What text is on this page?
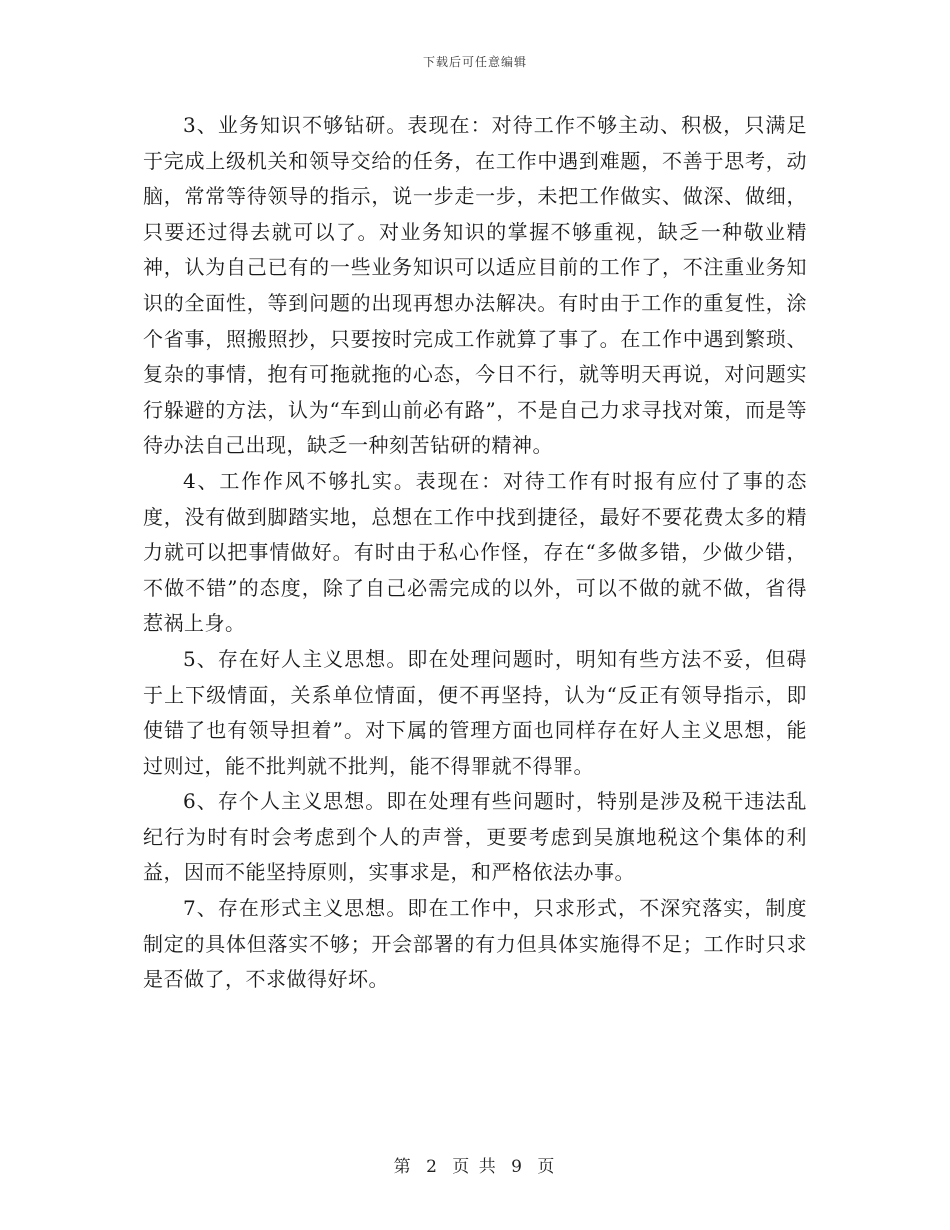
下载后可任意编辑

3、业务知识不够钻研。表现在：对待工作不够主动、积极，只满足于完成上级机关和领导交给的任务，在工作中遇到难题，不善于思考，动脑，常常等待领导的指示，说一步走一步，未把工作做实、做深、做细，只要还过得去就可以了。对业务知识的掌握不够重视，缺乏一种敬业精神，认为自己已有的一些业务知识可以适应目前的工作了，不注重业务知识的全面性，等到问题的出现再想办法解决。有时由于工作的重复性，涂个省事，照搬照抄，只要按时完成工作就算了事了。在工作中遇到繁琐、复杂的事情，抱有可拖就拖的心态，今日不行，就等明天再说，对问题实行躲避的方法，认为“车到山前必有路”，不是自己力求寻找对策，而是等待办法自己出现，缺乏一种刻苦钻研的精神。

4、工作作风不够扎实。表现在：对待工作有时报有应付了事的态度，没有做到脚踏实地，总想在工作中找到捷径，最好不要花费太多的精力就可以把事情做好。有时由于私心作怪，存在“多做多错，少做少错，不做不错”的态度，除了自己必需完成的以外，可以不做的就不做，省得惹祸上身。

5、存在好人主义思想。即在处理问题时，明知有些方法不妥，但碍于上下级情面，关系单位情面，便不再坚持，认为“反正有领导指示，即使错了也有领导担着”。对下属的管理方面也同样存在好人主义思想，能过则过，能不批判就不批判，能不得罪就不得罪。

6、存个人主义思想。即在处理有些问题时，特别是涉及税干违法乱纪行为时有时会考虑到个人的声誉，更要考虑到吴旗地税这个集体的利益，因而不能坚持原则，实事求是，和严格依法办事。

7、存在形式主义思想。即在工作中，只求形式，不深究落实，制度制定的具体但落实不够；开会部署的有力但具体实施得不足；工作时只求是否做了，不求做得好坏。

第 2 页 共 9 页
